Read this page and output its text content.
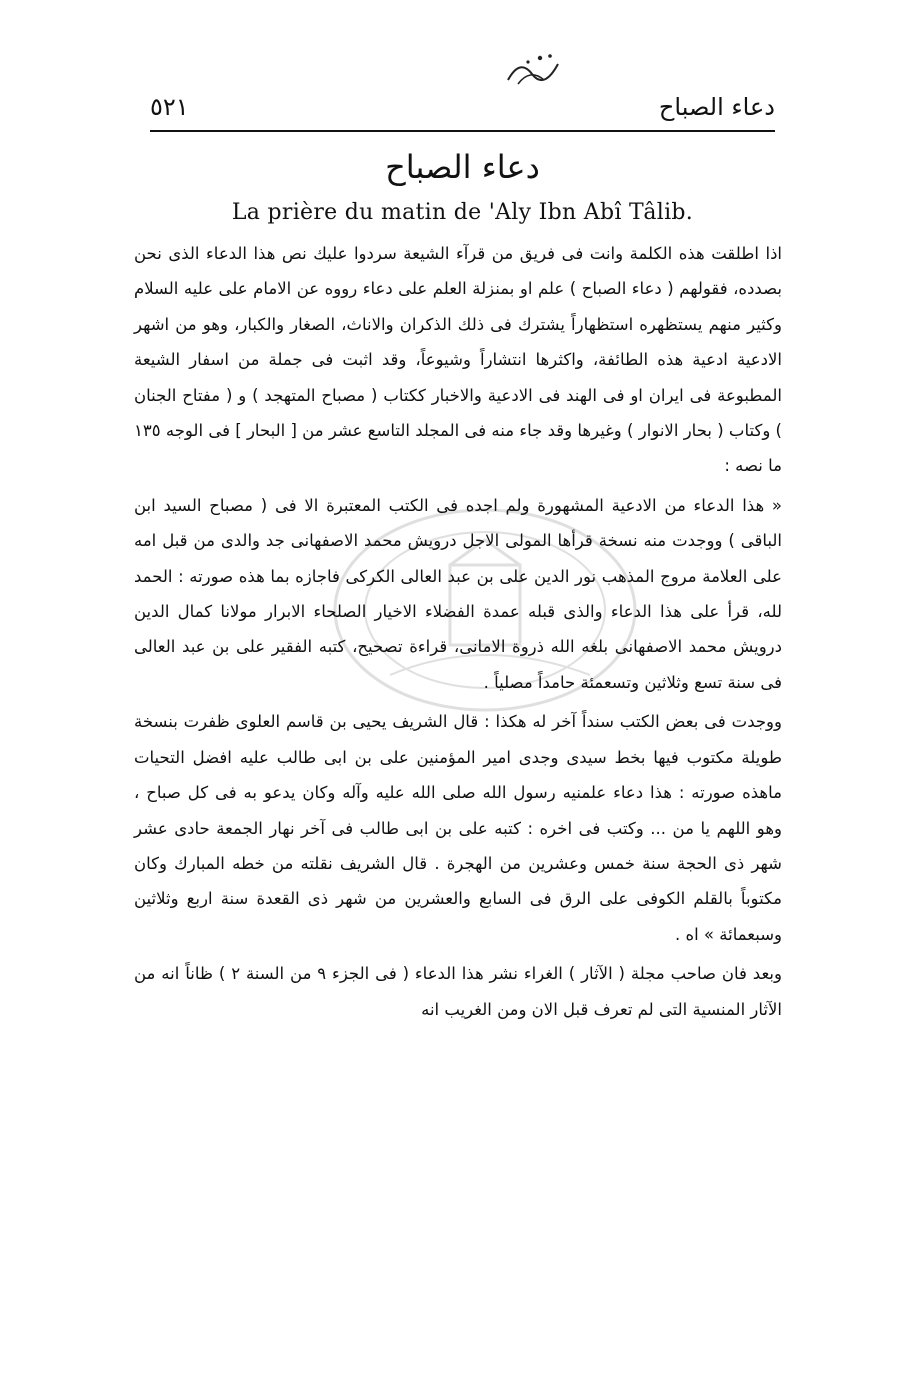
٥٢١	دعاء الصباح
دعاء الصباح
La prière du matin de 'Aly Ibn Abî Tâlib.

اذا اطلقت هذه الكلمة وانت فى فريق من قرآء الشيعة سردوا عليك نص هذا الدعاء الذى نحن بصدده، فقولهم ( دعاء الصباح ) علم او بمنزلة العلم على دعاء رووه عن الامام على عليه السلام وكثير منهم يستظهره استظهاراً يشترك فى ذلك الذكران والاناث، الصغار والكبار، وهو من اشهر الادعية ادعية هذه الطائفة، واكثرها انتشاراً وشيوعاً، وقد اثبت فى جملة من اسفار الشيعة المطبوعة فى ايران او فى الهند فى الادعية والاخبار ككتاب ( مصباح المتهجد ) و ( مفتاح الجنان ) وكتاب ( بحار الانوار ) وغيرها وقد جاء منه فى المجلد التاسع عشر من [ البحار ] فى الوجه ١٣٥ ما نصه :

« هذا الدعاء من الادعية المشهورة ولم اجده فى الكتب المعتبرة الا فى ( مصباح السيد ابن الباقى ) ووجدت منه نسخة قرأها المولى الاجل درويش محمد الاصفهانى جد والدى من قبل امه على العلامة مروج المذهب نور الدين على بن عبد العالى الكركى فاجازه بما هذه صورته : الحمد لله، قرأ على هذا الدعاء والذى قبله عمدة الفضلاء الاخيار الصلحاء الابرار مولانا كمال الدين درويش محمد الاصفهانى بلغه الله ذروة الامانى، قراءة تصحيح، كتبه الفقير على بن عبد العالى فى سنة تسع وثلاثين وتسعمئة حامداً مصلياً .

ووجدت فى بعض الكتب سنداً آخر له هكذا : قال الشريف يحيى بن قاسم العلوى ظفرت بنسخة طويلة مكتوب فيها بخط سيدى وجدى امير المؤمنين على بن ابى طالب عليه افضل التحيات ماهذه صورته : هذا دعاء علمنيه رسول الله صلى الله عليه وآله وكان يدعو به فى كل صباح ، وهو اللهم يا من ... وكتب فى اخره : كتبه على بن ابى طالب فى آخر نهار الجمعة حادى عشر شهر ذى الحجة سنة خمس وعشرين من الهجرة . قال الشريف نقلته من خطه المبارك وكان مكتوباً بالقلم الكوفى على الرق فى السابع والعشرين من شهر ذى القعدة سنة اربع وثلاثين وسبعمائة » اه .

وبعد فان صاحب مجلة ( الآثار ) الغراء نشر هذا الدعاء ( فى الجزء ٩ من السنة ٢ ) ظاناً انه من الآثار المنسية التى لم تعرف قبل الان ومن الغريب انه
